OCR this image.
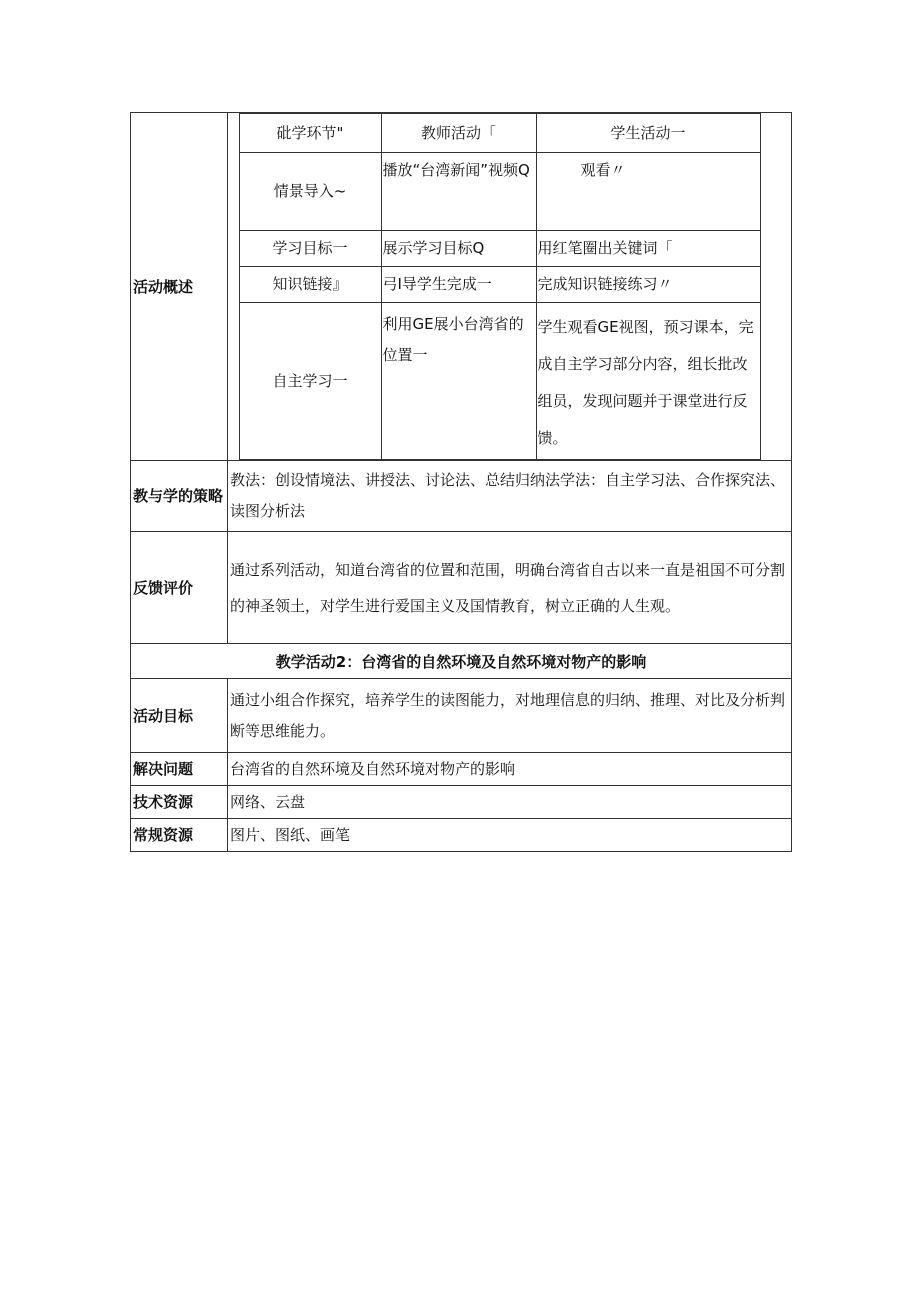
活动概述	
	砒学环节"	教师活动「	学生活动一	
情景导入~	播放“台湾新闻”视频Q	观看〃
学习目标一	展示学习目标Q	用红笔圈出关键词「
知识链接』	弓I导学生完成一	完成知识链接练习〃
自主学习一	利用GE展小台湾省的位置一	学生观看GE视图，预习课本，完成自主学习部分内容，组长批改组员，发现问题并于课堂进行反馈。

教与学的策略	教法：创设情境法、讲授法、讨论法、总结归纳法学法：自主学习法、合作探究法、读图分析法
反馈评价	通过系列活动，知道台湾省的位置和范围，明确台湾省自古以来一直是祖国不可分割的神圣领土，对学生进行爱国主义及国情教育，树立正确的人生观。
教学活动2：台湾省的自然环境及自然环境对物产的影响
活动目标	通过小组合作探究，培养学生的读图能力，对地理信息的归纳、推理、对比及分析判断等思维能力。
解决问题	台湾省的自然环境及自然环境对物产的影响
技术资源	网络、云盘
常规资源	图片、图纸、画笔
